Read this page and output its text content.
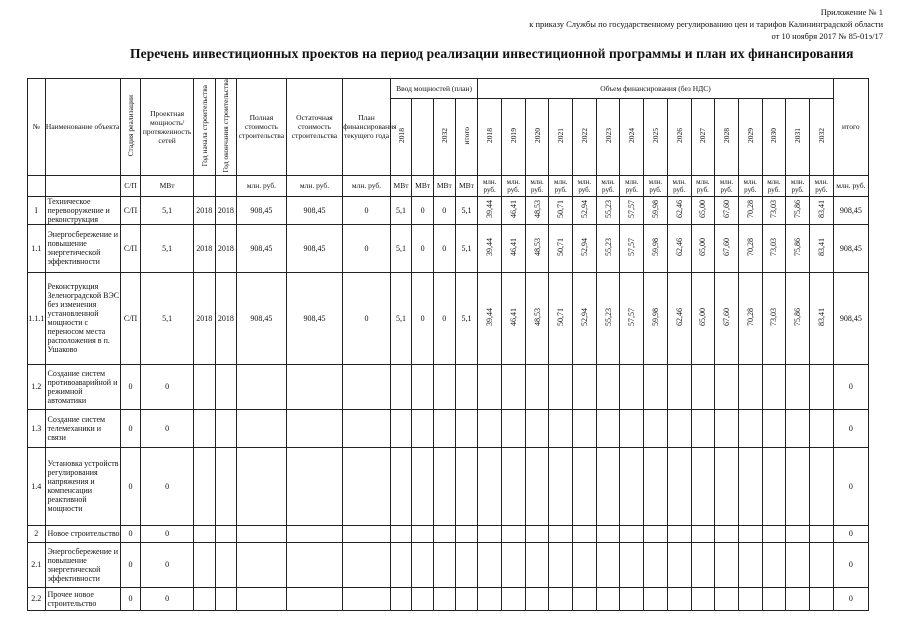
Приложение № 1
к приказу Службы по государственному регулированию цен и тарифов Калининградской области
от 10 ноября 2017 № 85-01э/17
Перечень инвестиционных проектов на период реализации инвестиционной программы и план их финансирования
№	Наименование объекта	Стадия реализации	Проектная мощность/ протяженность сетей	Год начала строительства	Год окончания строительства	Полная стоимость строительства	Остаточная стоимость строительства	План финансирования текущего года	Ввод мощностей (план)				Объем финансирования (без НДС)															итого
									2018		2032	итого	2018	2019	2020	2021	2022	2023	2024	2025	2026	2027	2028	2029	2030	2031	2032	
		С/П	МВт			млн. руб.	млн. руб.	млн. руб.	МВт	МВт	МВт	МВт	млн. руб.	млн. руб.	млн. руб.	млн. руб.	млн. руб.	млн. руб.	млн. руб.	млн. руб.	млн. руб.	млн. руб.	млн. руб.	млн. руб.	млн. руб.	млн. руб.	млн. руб.	млн. руб.
I	Техническое перевооружение и реконструкция	С/П	5,1	2018	2018	908,45	908,45	0	5,1	0	0	5,1	39,44	46,41	48,53	50,71	52,94	55,23	57,57	59,98	62,46	65,00	67,60	70,28	73,03	75,86	83,41	908,45
1.1	Энергосбережение и повышение энергетической эффективности	С/П	5,1	2018	2018	908,45	908,45	0	5,1	0	0	5,1	39,44	46,41	48,53	50,71	52,94	55,23	57,57	59,98	62,46	65,00	67,60	70,28	73,03	75,86	83,41	908,45
1.1.1	Реконструкция Зеленоградской ВЭС без изменения установленной мощности с переносом места расположения в п. Ушаково	С/П	5,1	2018	2018	908,45	908,45	0	5,1	0	0	5,1	39,44	46,41	48,53	50,71	52,94	55,23	57,57	59,98	62,46	65,00	67,60	70,28	73,03	75,86	83,41	908,45
1.2	Создание систем противоаварийной и режимной автоматики	0	0																									0
1.3	Создание систем телемеханики и связи	0	0																									0
1.4	Установка устройств регулирования напряжения и компенсации реактивной мощности	0	0																									0
2	Новое строительство	0	0																									0
2.1	Энергосбережение и повышение энергетической эффективности	0	0																									0
2.2	Прочее новое строительство	0	0																									0
